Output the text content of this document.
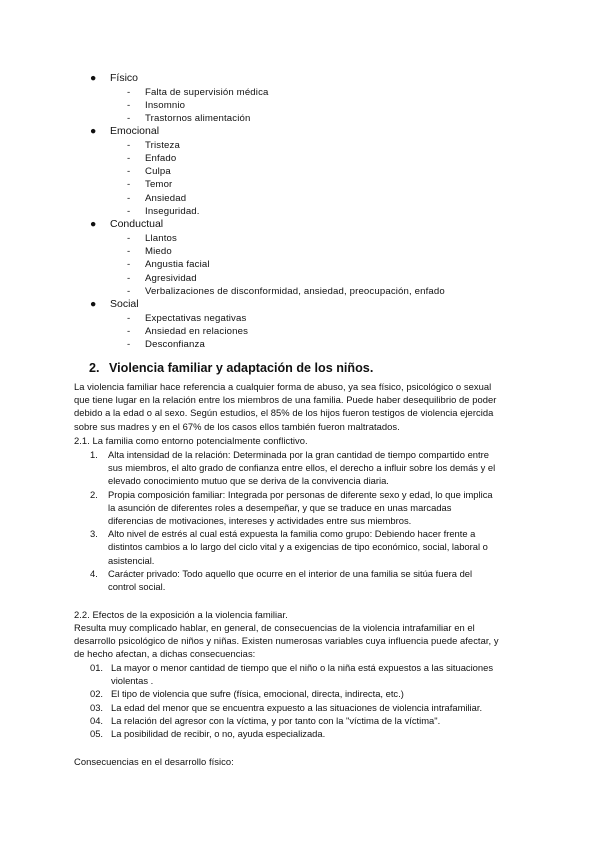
● Físico
- Falta de supervisión médica
- Insomnio
- Trastornos alimentación
● Emocional
- Tristeza
- Enfado
- Culpa
- Temor
- Ansiedad
- Inseguridad.
● Conductual
- Llantos
- Miedo
- Angustia facial
- Agresividad
- Verbalizaciones de disconformidad, ansiedad, preocupación, enfado
● Social
- Expectativas negativas
- Ansiedad en relaciones
- Desconfianza
2. Violencia familiar y adaptación de los niños.
La violencia familiar hace referencia a cualquier forma de abuso, ya sea físico, psicológico o sexual
que tiene lugar en la relación entre los miembros de una familia. Puede haber desequilibrio de poder
debido a la edad o al sexo. Según estudios, el 85% de los hijos fueron testigos de violencia ejercida
sobre sus madres y en el 67% de los casos ellos también fueron maltratados.
2.1. La familia como entorno potencialmente conflictivo.
1. Alta intensidad de la relación: Determinada por la gran cantidad de tiempo compartido entre
sus miembros, el alto grado de confianza entre ellos, el derecho a influir sobre los demás y el
elevado conocimiento mutuo que se deriva de la convivencia diaria.
2. Propia composición familiar: Integrada por personas de diferente sexo y edad, lo que implica
la asunción de diferentes roles a desempeñar, y que se traduce en unas marcadas
diferencias de motivaciones, intereses y actividades entre sus miembros.
3. Alto nivel de estrés al cual está expuesta la familia como grupo: Debiendo hacer frente a
distintos cambios a lo largo del ciclo vital y a exigencias de tipo económico, social, laboral o
asistencial.
4. Carácter privado: Todo aquello que ocurre en el interior de una familia se sitúa fuera del
control social.
2.2. Efectos de la exposición a la violencia familiar.
Resulta muy complicado hablar, en general, de consecuencias de la violencia intrafamiliar en el
desarrollo psicológico de niños y niñas. Existen numerosas variables cuya influencia puede afectar, y
de hecho afectan, a dichas consecuencias:
01. La mayor o menor cantidad de tiempo que el niño o la niña está expuestos a las situaciones
violentas .
02. El tipo de violencia que sufre (física, emocional, directa, indirecta, etc.)
03. La edad del menor que se encuentra expuesto a las situaciones de violencia intrafamiliar.
04. La relación del agresor con la víctima, y por tanto con la "víctima de la víctima".
05. La posibilidad de recibir, o no, ayuda especializada.
Consecuencias en el desarrollo físico:
